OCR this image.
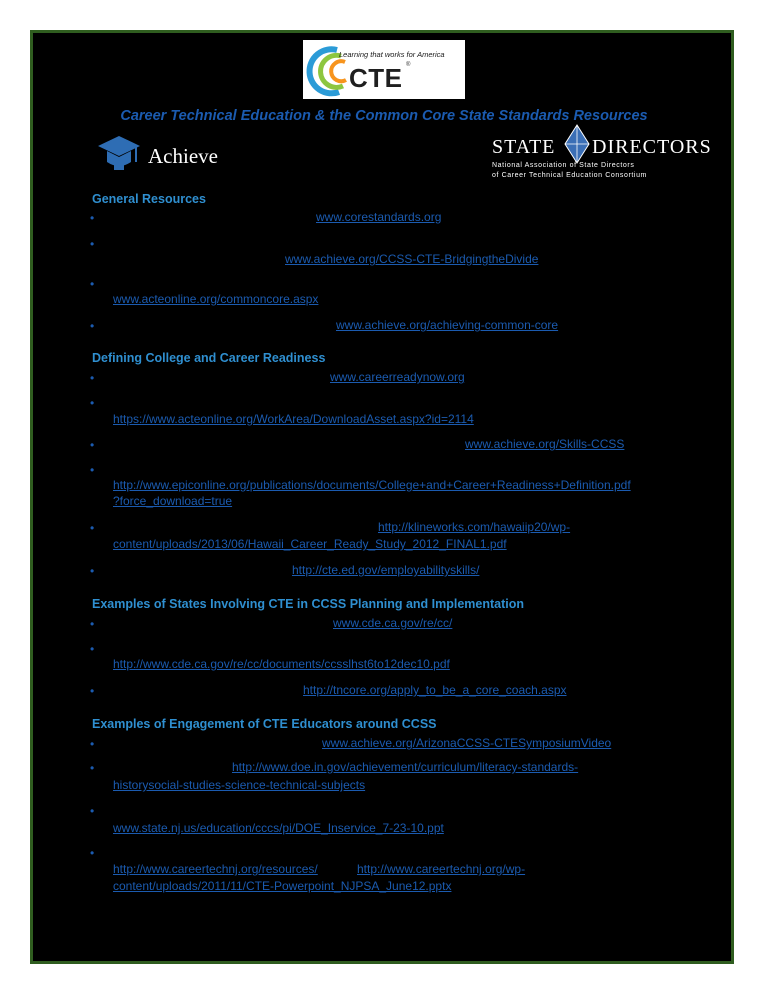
Learning that works for America
CTE ®
Career Technical Education & the Common Core State Standards Resources
Achieve	STATE DIRECTORS
National Association of State Directors
of Career Technical Education Consortium
General Resources
•	www.corestandards.org
•
www.achieve.org/CCSS-CTE-BridgingtheDivide
•
www.acteonline.org/commoncore.aspx
•	www.achieve.org/achieving-common-core
Defining College and Career Readiness
•	www.careerreadynow.org
•
https://www.acteonline.org/WorkArea/DownloadAsset.aspx?id=2114
•	www.achieve.org/Skills-CCSS
•
http://www.epiconline.org/publications/documents/College+and+Career+Readiness+Definition.pdf
?force_download=true
•	http://klineworks.com/hawaiip20/wp-
content/uploads/2013/06/Hawaii_Career_Ready_Study_2012_FINAL1.pdf
•	http://cte.ed.gov/employabilityskills/
Examples of States Involving CTE in CCSS Planning and Implementation
•	www.cde.ca.gov/re/cc/
•
http://www.cde.ca.gov/re/cc/documents/ccsslhst6to12dec10.pdf
•	http://tncore.org/apply_to_be_a_core_coach.aspx
Examples of Engagement of CTE Educators around CCSS
•	www.achieve.org/ArizonaCCSS-CTESymposiumVideo
•	http://www.doe.in.gov/achievement/curriculum/literacy-standards-
historysocial-studies-science-technical-subjects
•
www.state.nj.us/education/cccs/pi/DOE_Inservice_7-23-10.ppt
•
http://www.careertechnj.org/resources/	http://www.careertechnj.org/wp-
content/uploads/2011/11/CTE-Powerpoint_NJPSA_June12.pptx
